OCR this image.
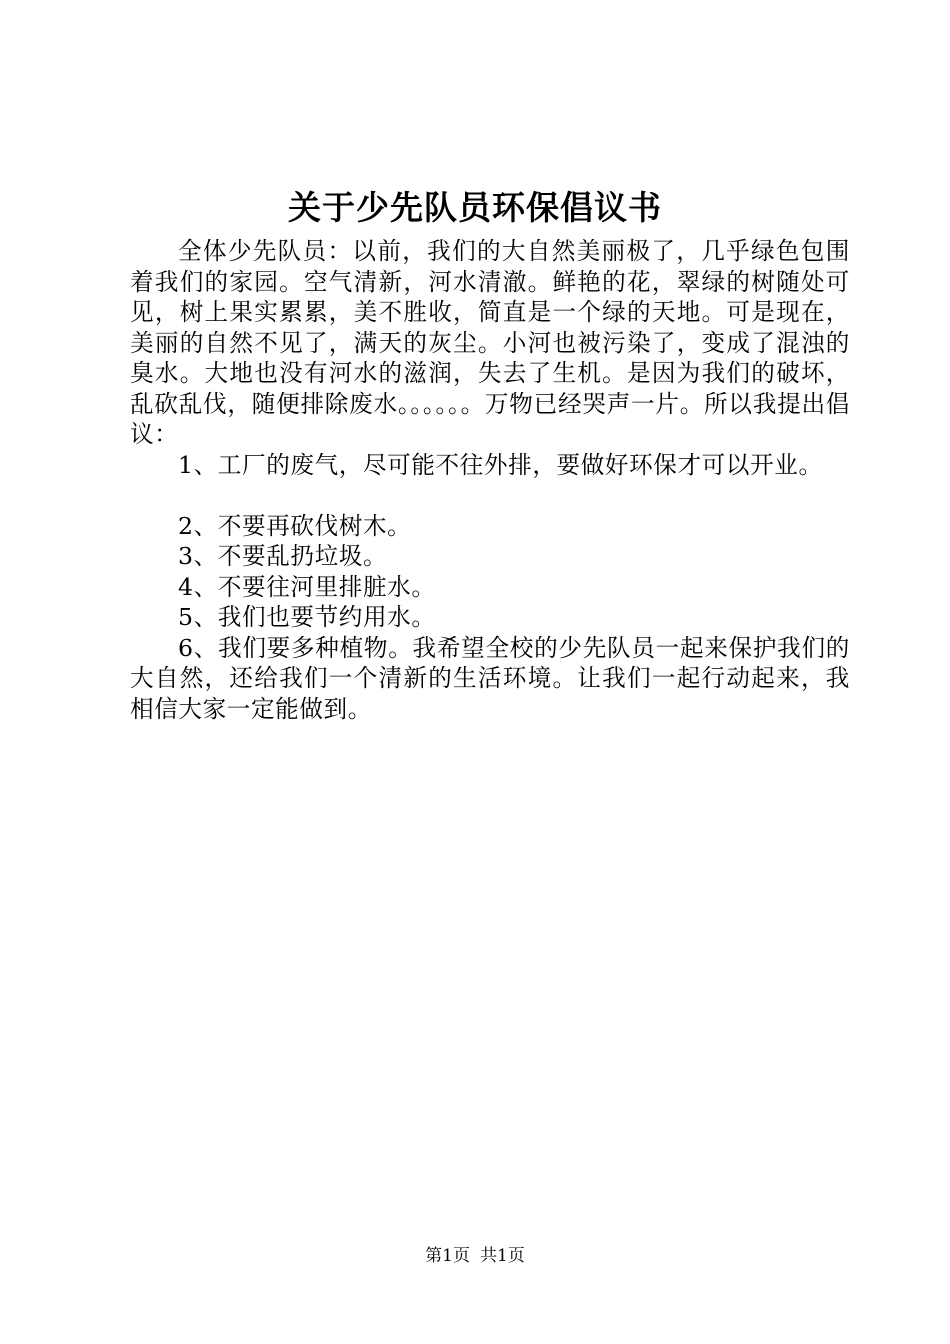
关于少先队员环保倡议书

全体少先队员：以前，我们的大自然美丽极了，几乎绿色包围着我们的家园。空气清新，河水清澈。鲜艳的花，翠绿的树随处可见，树上果实累累，美不胜收，简直是一个绿的天地。可是现在，美丽的自然不见了，满天的灰尘。小河也被污染了，变成了混浊的臭水。大地也没有河水的滋润，失去了生机。是因为我们的破坏，乱砍乱伐，随便排除废水。。。。。。万物已经哭声一片。所以我提出倡议：

1、工厂的废气，尽可能不往外排，要做好环保才可以开业。

2、不要再砍伐树木。

3、不要乱扔垃圾。

4、不要往河里排脏水。

5、我们也要节约用水。

6、我们要多种植物。我希望全校的少先队员一起来保护我们的大自然，还给我们一个清新的生活环境。让我们一起行动起来，我相信大家一定能做到。

第1页 共1页
